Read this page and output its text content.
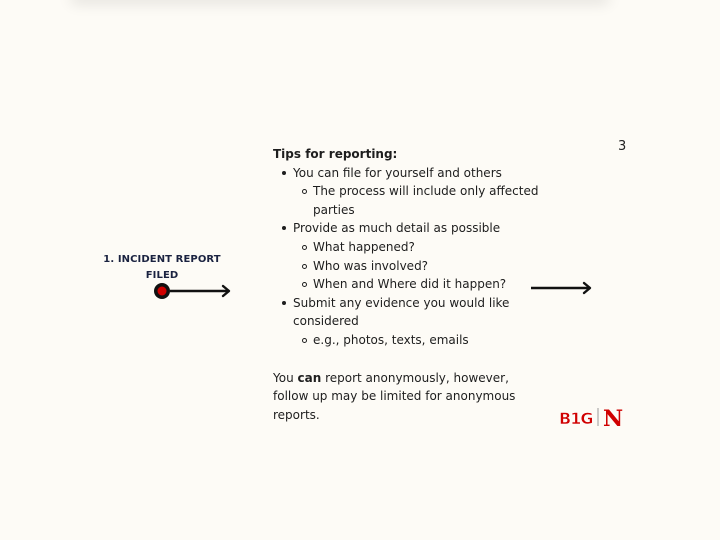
3
1. INCIDENT REPORT
FILED
Tips for reporting:
You can file for yourself and others
The process will include only affected parties
Provide as much detail as possible
What happened?
Who was involved?
When and Where did it happen?
Submit any evidence you would like considered
e.g., photos, texts, emails
You can report anonymously, however, follow up may be limited for anonymous reports.	B1G N
